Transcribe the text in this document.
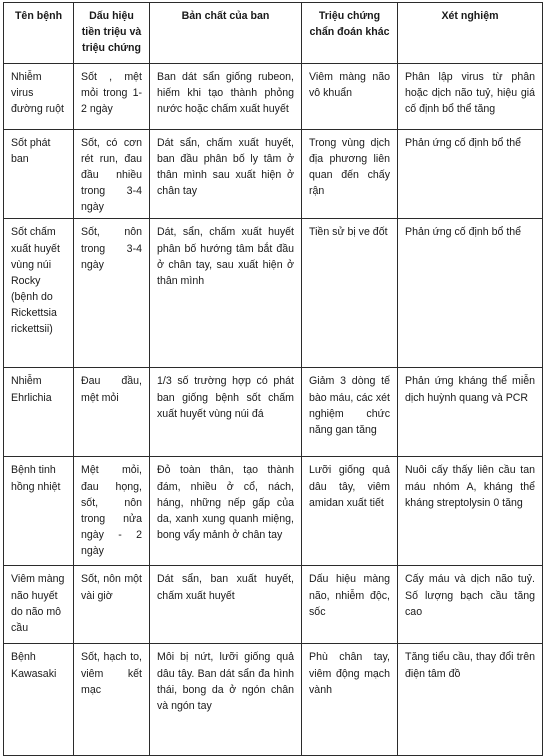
Tên bệnh	Dấu hiệu tiền triệu và triệu chứng	Bản chất của ban	Triệu chứng chẩn đoán khác	Xét nghiệm
Nhiễm virus đường ruột	Sốt , mệt mỏi trong 1-2 ngày	Ban dát sẩn giống rubeon, hiếm khi tạo thành phỏng nước hoặc chấm xuất huyết	Viêm màng não vô khuẩn	Phân lập virus từ phân hoặc dịch não tuỷ, hiệu giá cố định bổ thể tăng
Sốt phát ban	Sốt, có cơn rét run, đau đầu nhiều trong 3-4 ngày	Dát sẩn, chấm xuất huyết, ban đầu phân bố ly tâm ở thân mình sau xuất hiện ở chân tay	Trong vùng dịch địa phương liên quan đến chấy rận	Phản ứng cố định bổ thể
Sốt chấm xuất huyết vùng núi Rocky (bệnh do Rickettsia rickettsii)	Sốt, nôn trong 3-4 ngày	Dát, sẩn, chấm xuất huyết phân bố hướng tâm bắt đầu ở chân tay, sau xuất hiện ở thân mình	Tiền sử bị ve đốt	Phản ứng cố định bổ thể
Nhiễm Ehrlichia	Đau đầu, mệt mỏi	1/3 số trường hợp có phát ban giống bệnh sốt chấm xuất huyết vùng núi đá	Giảm 3 dòng tế bào máu, các xét nghiệm chức năng gan tăng	Phản ứng kháng thể miễn dịch huỳnh quang và PCR
Bệnh tinh hồng nhiệt	Mệt mỏi, đau họng, sốt, nôn trong nửa ngày - 2 ngày	Đỏ toàn thân, tạo thành đám, nhiều ở cổ, nách, háng, những nếp gấp của da, xanh xung quanh miệng, bong vẩy mảnh ở chân tay	Lưỡi giống quả dâu tây, viêm amidan xuất tiết	Nuôi cấy thấy liên cầu tan máu nhóm A, kháng thể kháng streptolysin 0 tăng
Viêm màng não huyết do não mô cầu	Sốt, nôn một vài giờ	Dát sẩn, ban xuất huyết, chấm xuất huyết	Dấu hiệu màng não, nhiễm độc, sốc	Cấy máu và dịch não tuỷ. Số lượng bạch cầu tăng cao
Bệnh Kawasaki	Sốt, hạch to, viêm kết mạc	Môi bị nứt, lưỡi giống quả dâu tây. Ban dát sẩn đa hình thái, bong da ở ngón chân và ngón tay	Phù chân tay, viêm động mạch vành	Tăng tiểu cầu, thay đổi trên điện tâm đồ
